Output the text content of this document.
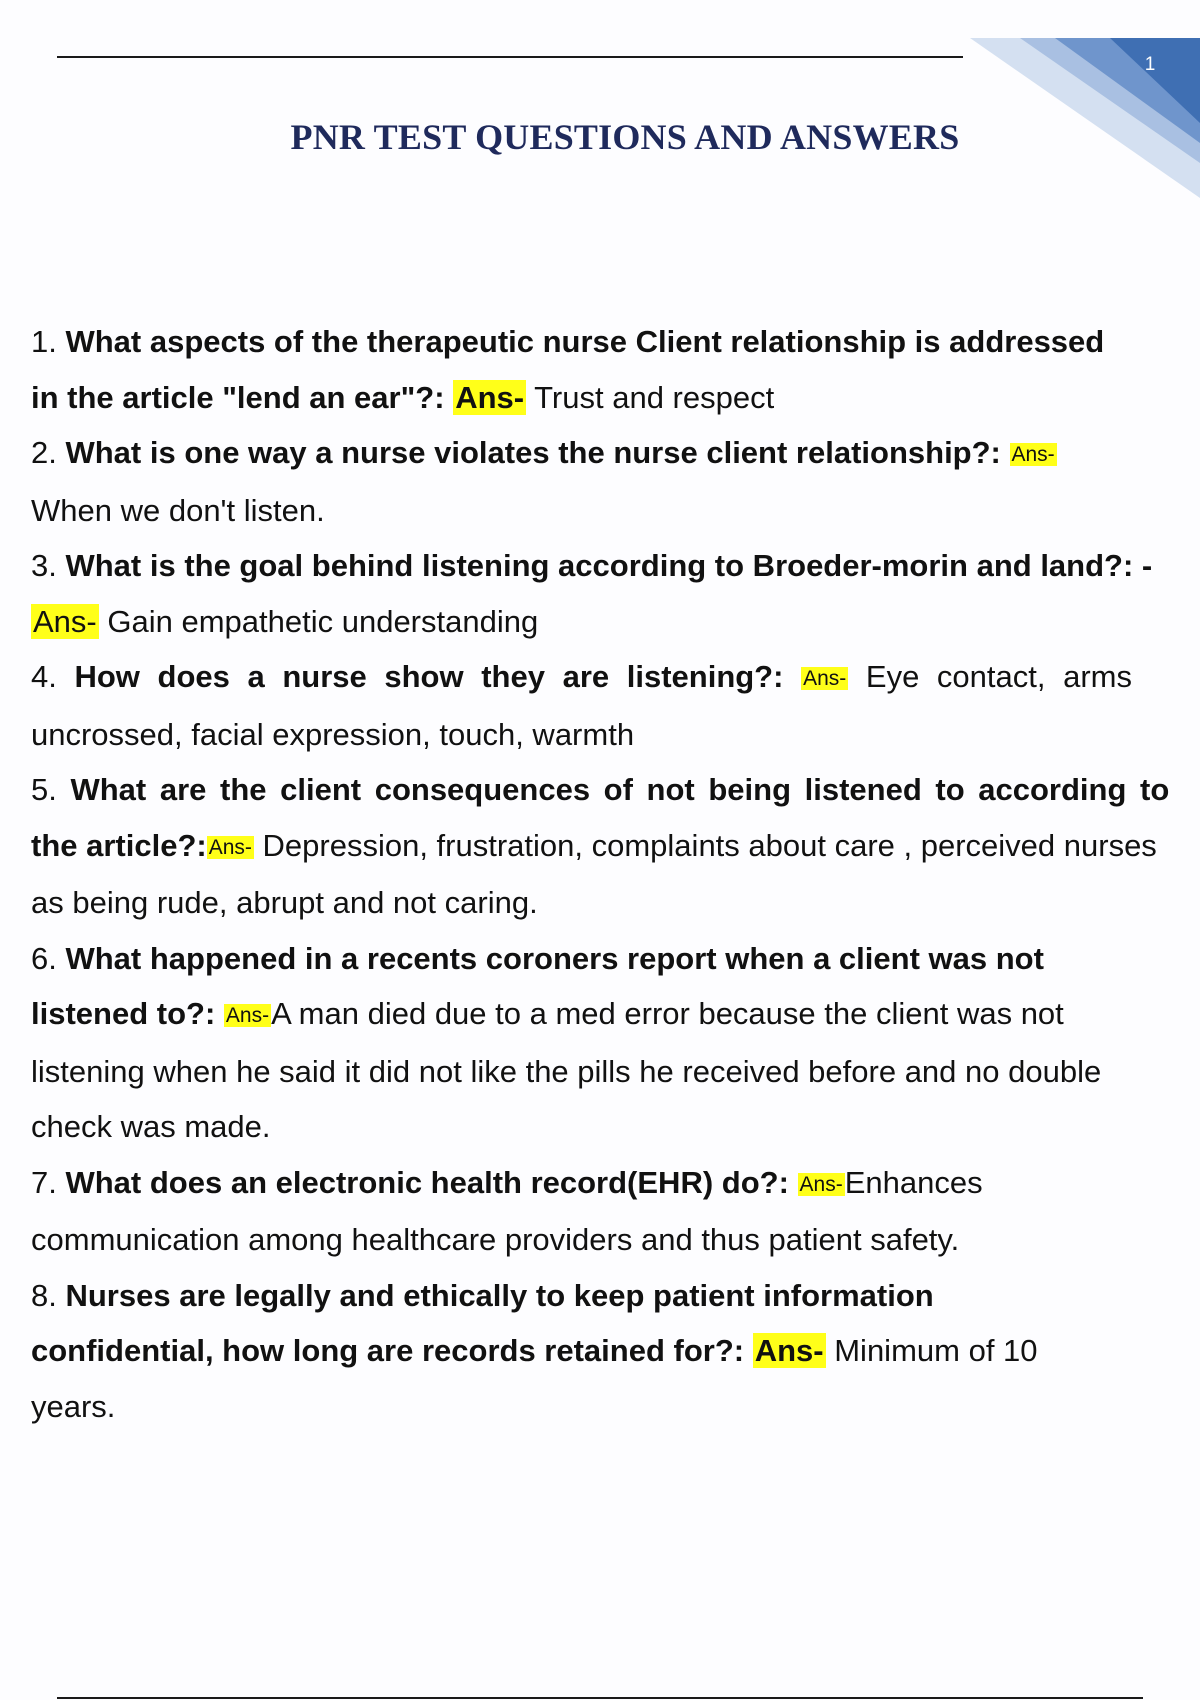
1
PNR TEST QUESTIONS AND ANSWERS

1. What aspects of the therapeutic nurse Client relationship is addressed
in the article "lend an ear"?: Ans- Trust and respect

2. What is one way a nurse violates the nurse client relationship?: Ans-
When we don't listen.

3. What is the goal behind listening according to Broeder-morin and land?: -
Ans- Gain empathetic understanding

4. How does a nurse show they are listening?: Ans- Eye contact, arms
uncrossed, facial expression, touch, warmth

5. What are the client consequences of not being listened to according to
the article?:Ans- Depression, frustration, complaints about care , perceived nurses
as being rude, abrupt and not caring.

6. What happened in a recents coroners report when a client was not
listened to?: Ans-A man died due to a med error because the client was not
listening when he said it did not like the pills he received before and no double
check was made.

7. What does an electronic health record(EHR) do?: Ans-Enhances
communication among healthcare providers and thus patient safety.

8. Nurses are legally and ethically to keep patient information
confidential, how long are records retained for?: Ans- Minimum of 10
years.
